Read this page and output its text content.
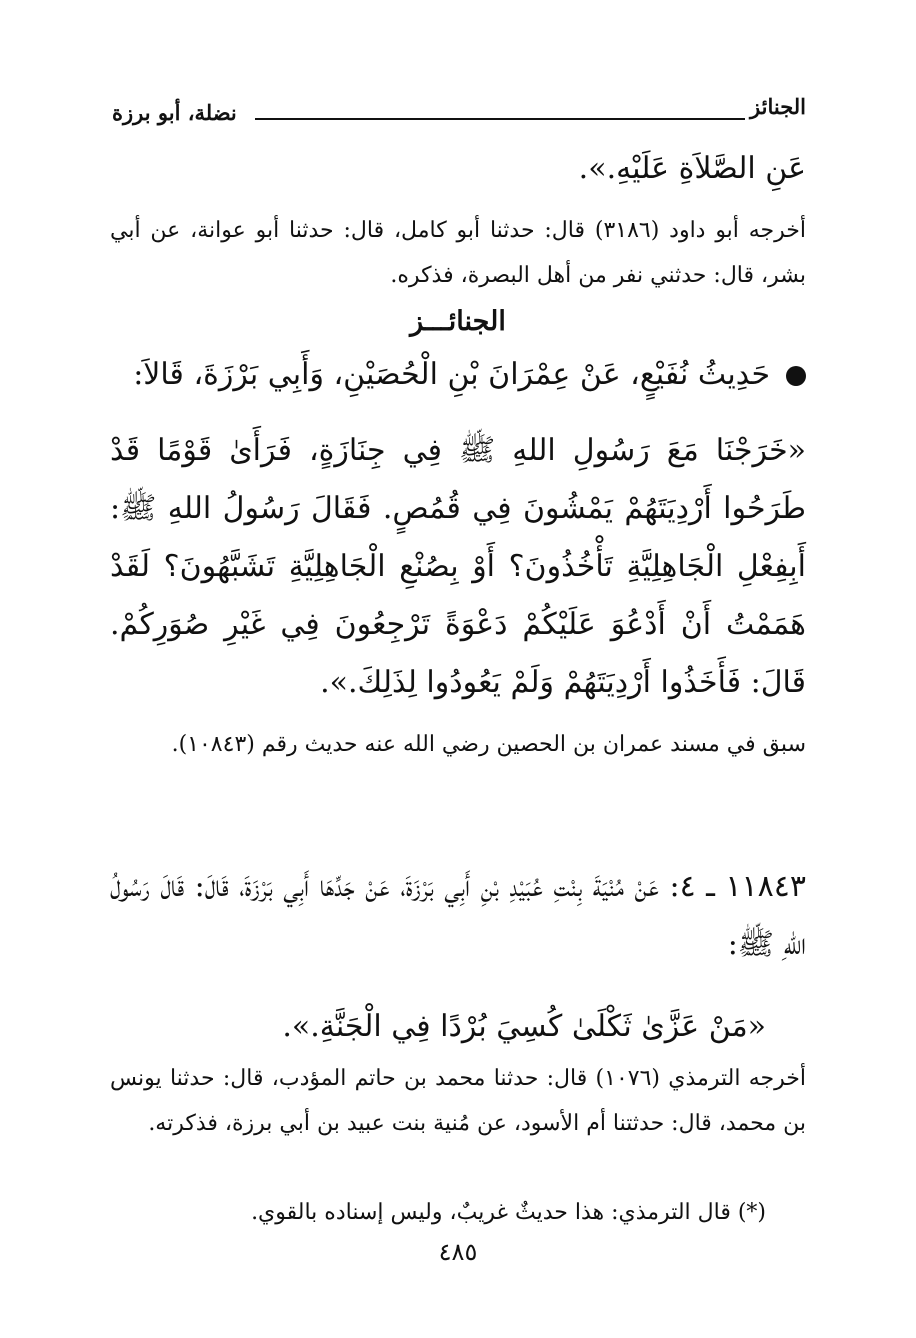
الجنائز
نضلة، أبو برزة
عَنِ الصَّلاَةِ عَلَيْهِ.».
أخرجه أبو داود (٣١٨٦) قال: حدثنا أبو كامل، قال: حدثنا أبو عوانة، عن أبي بشر، قال: حدثني نفر من أهل البصرة، فذكره.
الجنائـــز
حَدِيثُ نُفَيْعٍ، عَنْ عِمْرَانَ بْنِ الْحُصَيْنِ، وَأَبِي بَرْزَةَ، قَالاَ:
«خَرَجْنَا مَعَ رَسُولِ اللهِ ﷺ فِي جِنَازَةٍ، فَرَأَىٰ قَوْمًا قَدْ طَرَحُوا أَرْدِيَتَهُمْ يَمْشُونَ فِي قُمُصٍ. فَقَالَ رَسُولُ اللهِ ﷺ: أَبِفِعْلِ الْجَاهِلِيَّةِ تَأْخُذُونَ؟ أَوْ بِصُنْعِ الْجَاهِلِيَّةِ تَشَبَّهُونَ؟ لَقَدْ هَمَمْتُ أَنْ أَدْعُوَ عَلَيْكُمْ دَعْوَةً تَرْجِعُونَ فِي غَيْرِ صُوَرِكُمْ. قَالَ: فَأَخَذُوا أَرْدِيَتَهُمْ وَلَمْ يَعُودُوا لِذَلِكَ.».
سبق في مسند عمران بن الحصين رضي الله عنه حديث رقم (١٠٨٤٣).
١١٨٤٣ ـ ٤: عَنْ مُنْيَةَ بِنْتِ عُبَيْدِ بْنِ أَبِي بَرْزَةَ، عَنْ جَدِّهَا أَبِي بَرْزَةَ، قَالَ: قَالَ رَسُولُ اللهِ ﷺ:
«مَنْ عَزَّىٰ ثَكْلَىٰ كُسِيَ بُرْدًا فِي الْجَنَّةِ.».
أخرجه الترمذي (١٠٧٦) قال: حدثنا محمد بن حاتم المؤدب، قال: حدثنا يونس بن محمد، قال: حدثتنا أم الأسود، عن مُنية بنت عبيد بن أبي برزة، فذكرته.
(*) قال الترمذي: هذا حديثٌ غريبٌ، وليس إسناده بالقوي.
٤٨٥
